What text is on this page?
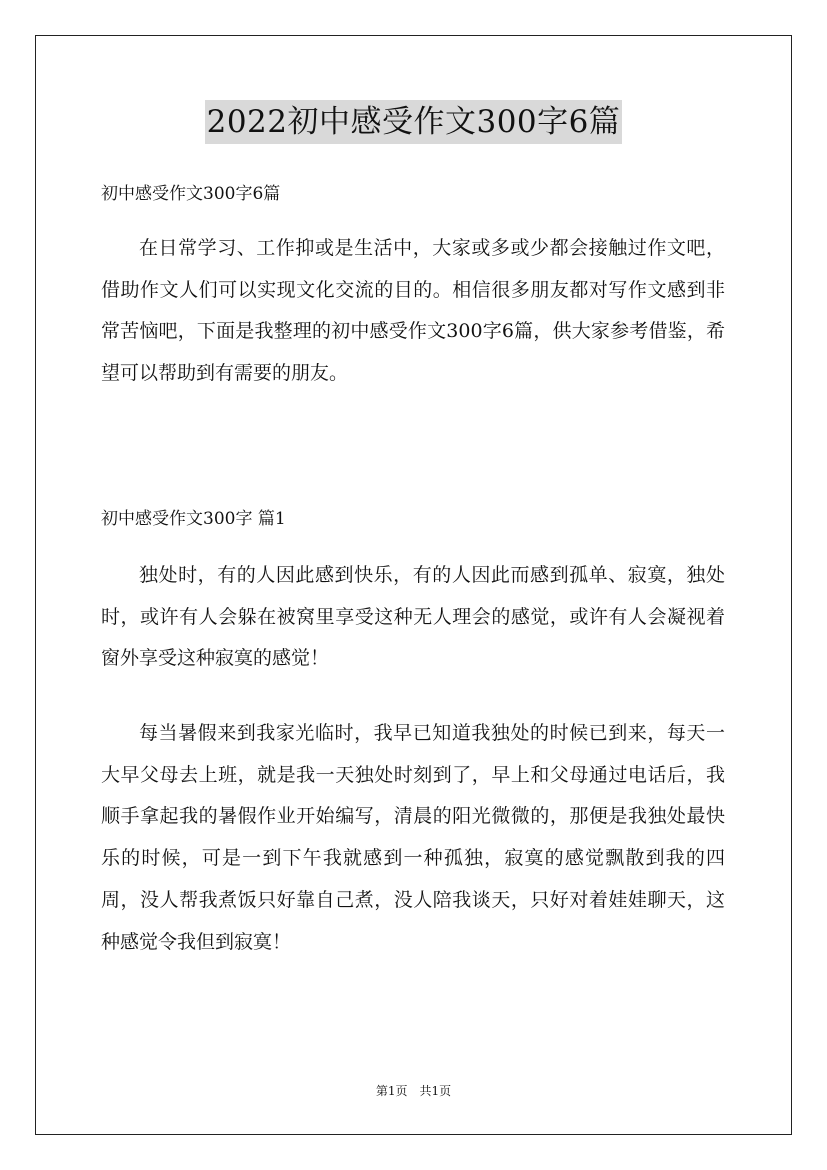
2022初中感受作文300字6篇
初中感受作文300字6篇

在日常学习、工作抑或是生活中，大家或多或少都会接触过作文吧，借助作文人们可以实现文化交流的目的。相信很多朋友都对写作文感到非常苦恼吧，下面是我整理的初中感受作文300字6篇，供大家参考借鉴，希望可以帮助到有需要的朋友。

初中感受作文300字 篇1

独处时，有的人因此感到快乐，有的人因此而感到孤单、寂寞，独处时，或许有人会躲在被窝里享受这种无人理会的感觉，或许有人会凝视着窗外享受这种寂寞的感觉！

每当暑假来到我家光临时，我早已知道我独处的时候已到来，每天一大早父母去上班，就是我一天独处时刻到了，早上和父母通过电话后，我顺手拿起我的暑假作业开始编写，清晨的阳光微微的，那便是我独处最快乐的时候，可是一到下午我就感到一种孤独，寂寞的感觉飘散到我的四周，没人帮我煮饭只好靠自己煮，没人陪我谈天，只好对着娃娃聊天，这种感觉令我但到寂寞！

第1页　共1页
